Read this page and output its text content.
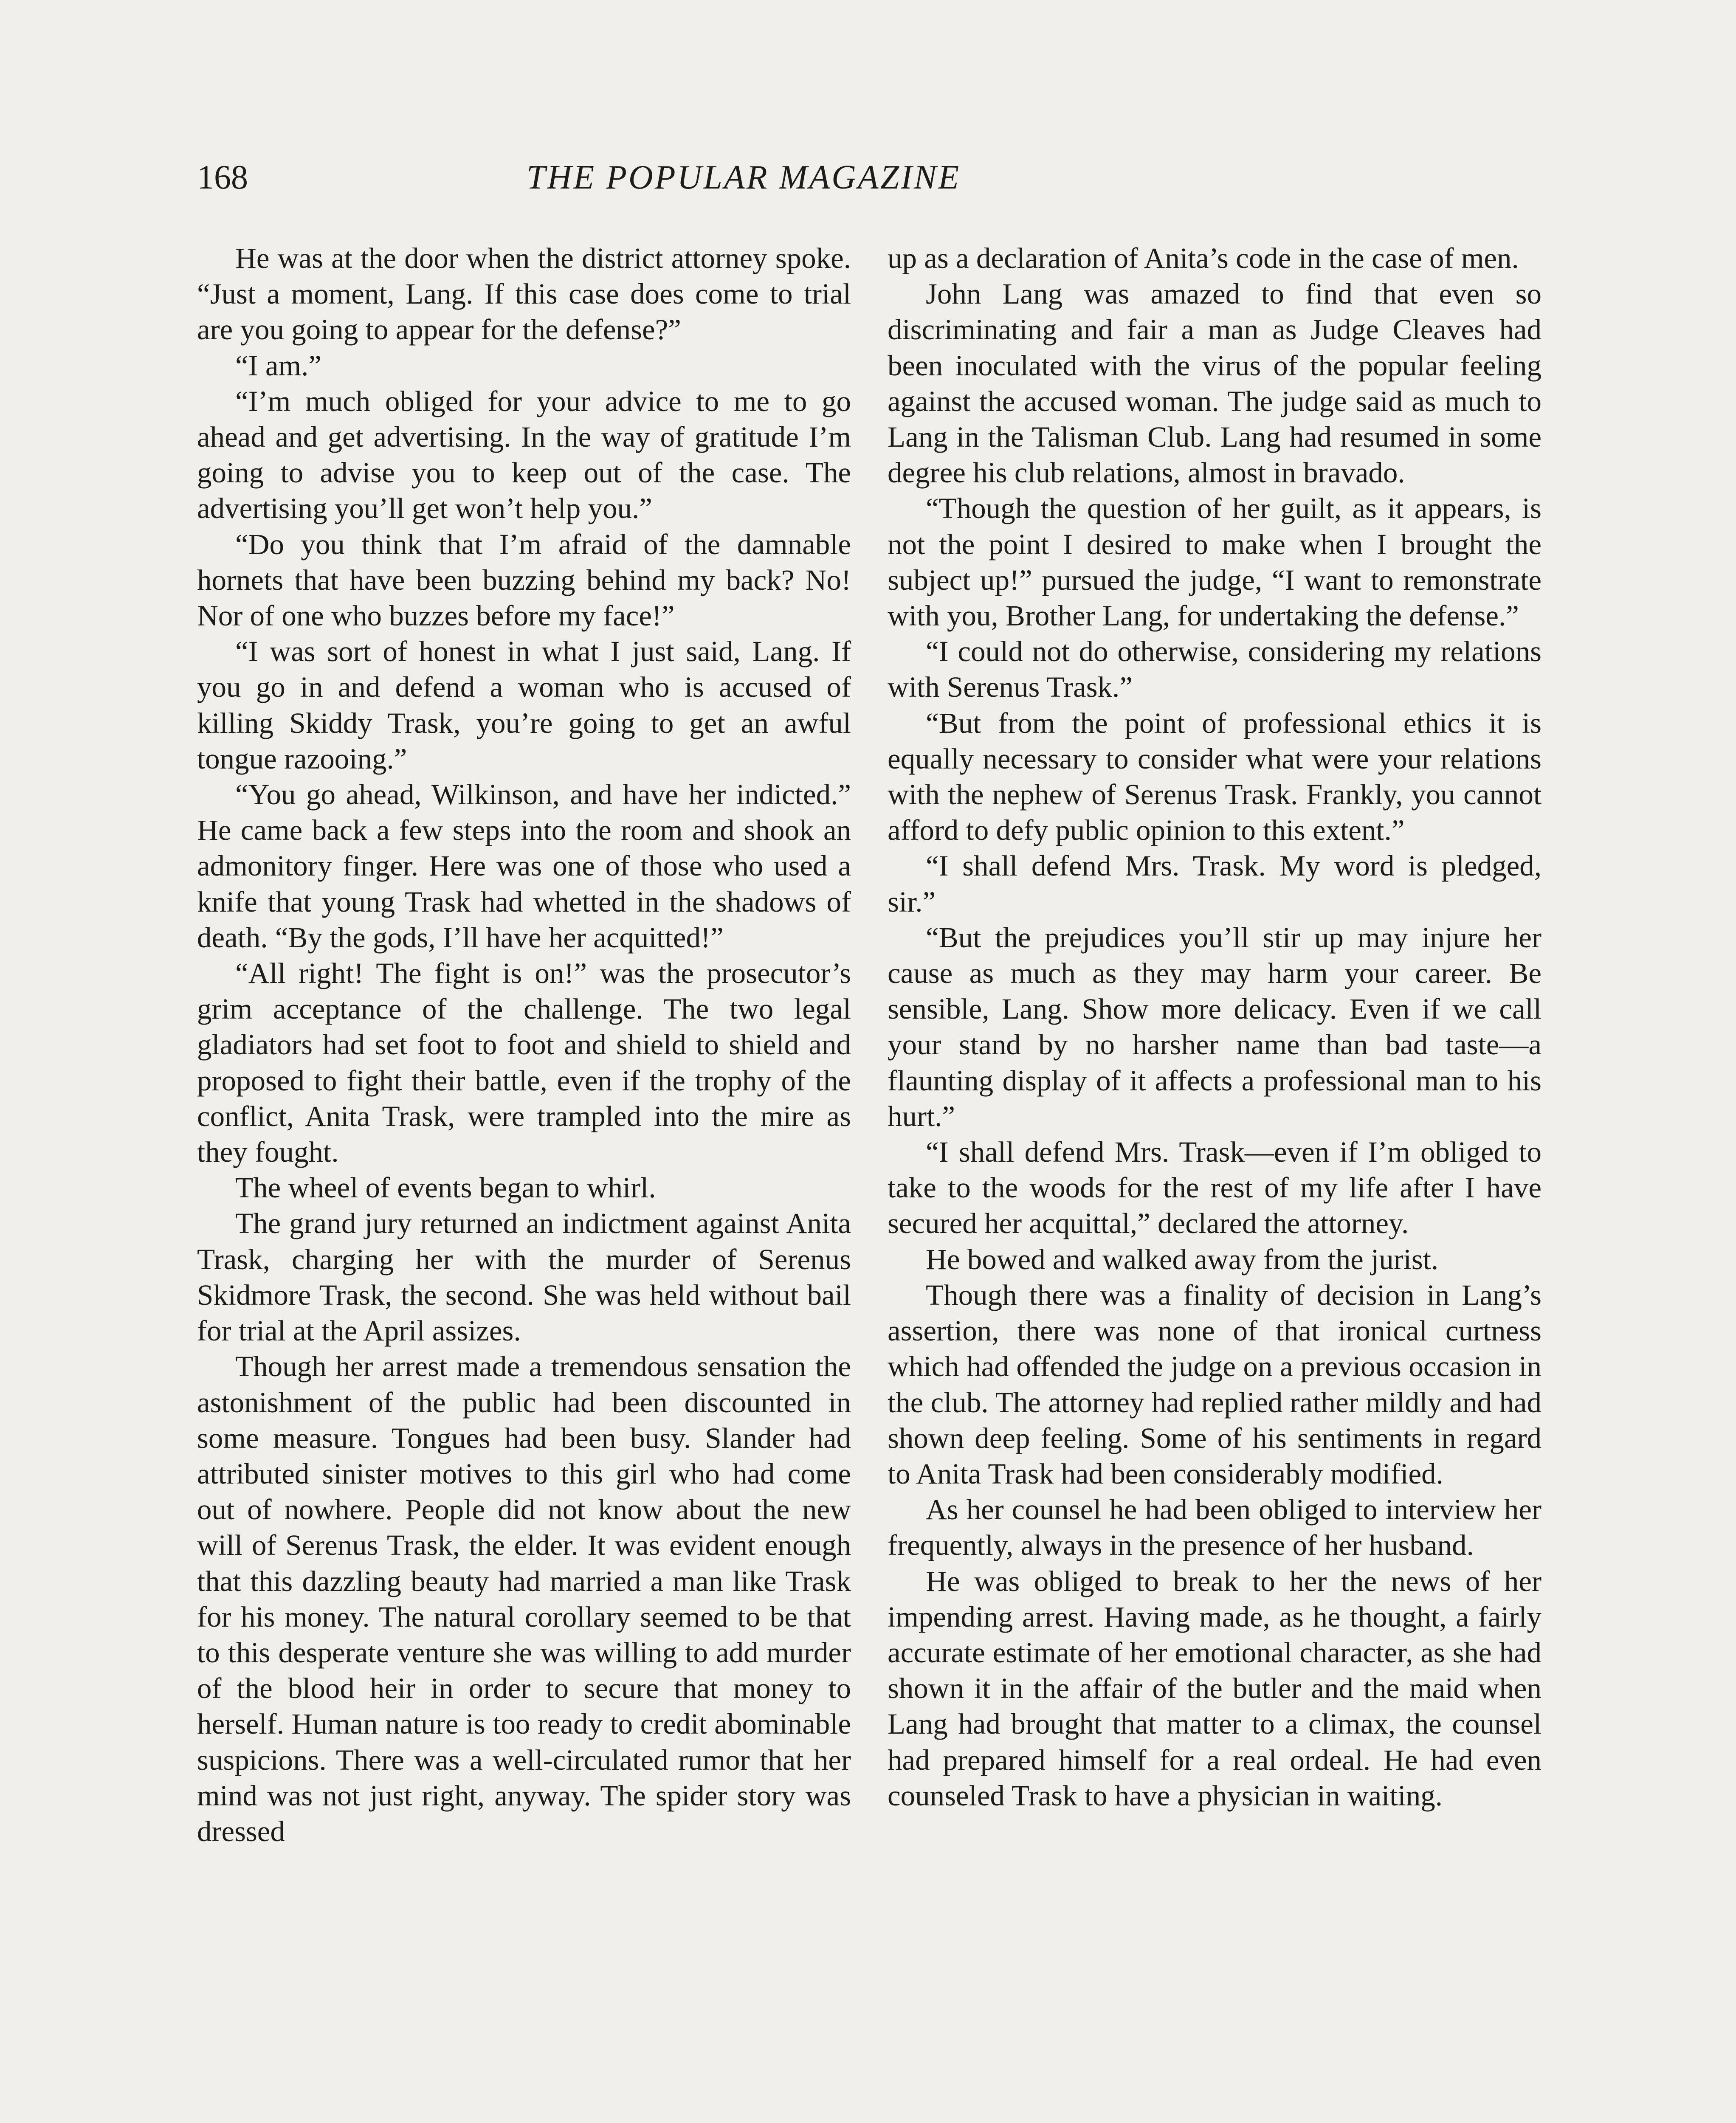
168	THE POPULAR MAGAZINE

He was at the door when the district attorney spoke. “Just a moment, Lang. If this case does come to trial are you going to appear for the defense?”

“I am.”

“I’m much obliged for your advice to me to go ahead and get advertising. In the way of gratitude I’m going to advise you to keep out of the case. The advertising you’ll get won’t help you.”

“Do you think that I’m afraid of the damnable hornets that have been buzzing behind my back? No! Nor of one who buzzes before my face!”

“I was sort of honest in what I just said, Lang. If you go in and defend a woman who is accused of killing Skiddy Trask, you’re going to get an awful tongue razooing.”

“You go ahead, Wilkinson, and have her indicted.” He came back a few steps into the room and shook an admonitory finger. Here was one of those who used a knife that young Trask had whetted in the shadows of death. “By the gods, I’ll have her acquitted!”

“All right! The fight is on!” was the prosecutor’s grim acceptance of the challenge. The two legal gladiators had set foot to foot and shield to shield and proposed to fight their battle, even if the trophy of the conflict, Anita Trask, were trampled into the mire as they fought.

The wheel of events began to whirl.

The grand jury returned an indictment against Anita Trask, charging her with the murder of Serenus Skidmore Trask, the second. She was held without bail for trial at the April assizes.

Though her arrest made a tremendous sensation the astonishment of the public had been discounted in some measure. Tongues had been busy. Slander had attributed sinister motives to this girl who had come out of nowhere. People did not know about the new will of Serenus Trask, the elder. It was evident enough that this dazzling beauty had married a man like Trask for his money. The natural corollary seemed to be that to this desperate venture she was willing to add murder of the blood heir in order to secure that money to herself. Human nature is too ready to credit abominable suspicions. There was a well-circulated rumor that her mind was not just right, anyway. The spider story was dressed

up as a declaration of Anita’s code in the case of men.

John Lang was amazed to find that even so discriminating and fair a man as Judge Cleaves had been inoculated with the virus of the popular feeling against the accused woman. The judge said as much to Lang in the Talisman Club. Lang had resumed in some degree his club relations, almost in bravado.

“Though the question of her guilt, as it appears, is not the point I desired to make when I brought the subject up!” pursued the judge, “I want to remonstrate with you, Brother Lang, for undertaking the defense.”

“I could not do otherwise, considering my relations with Serenus Trask.”

“But from the point of professional ethics it is equally necessary to consider what were your relations with the nephew of Serenus Trask. Frankly, you cannot afford to defy public opinion to this extent.”

“I shall defend Mrs. Trask. My word is pledged, sir.”

“But the prejudices you’ll stir up may injure her cause as much as they may harm your career. Be sensible, Lang. Show more delicacy. Even if we call your stand by no harsher name than bad taste—a flaunting display of it affects a professional man to his hurt.”

“I shall defend Mrs. Trask—even if I’m obliged to take to the woods for the rest of my life after I have secured her acquittal,” declared the attorney.

He bowed and walked away from the jurist.

Though there was a finality of decision in Lang’s assertion, there was none of that ironical curtness which had offended the judge on a previous occasion in the club. The attorney had replied rather mildly and had shown deep feeling. Some of his sentiments in regard to Anita Trask had been considerably modified.

As her counsel he had been obliged to interview her frequently, always in the presence of her husband.

He was obliged to break to her the news of her impending arrest. Having made, as he thought, a fairly accurate estimate of her emotional character, as she had shown it in the affair of the butler and the maid when Lang had brought that matter to a climax, the counsel had prepared himself for a real ordeal. He had even counseled Trask to have a physician in waiting.
